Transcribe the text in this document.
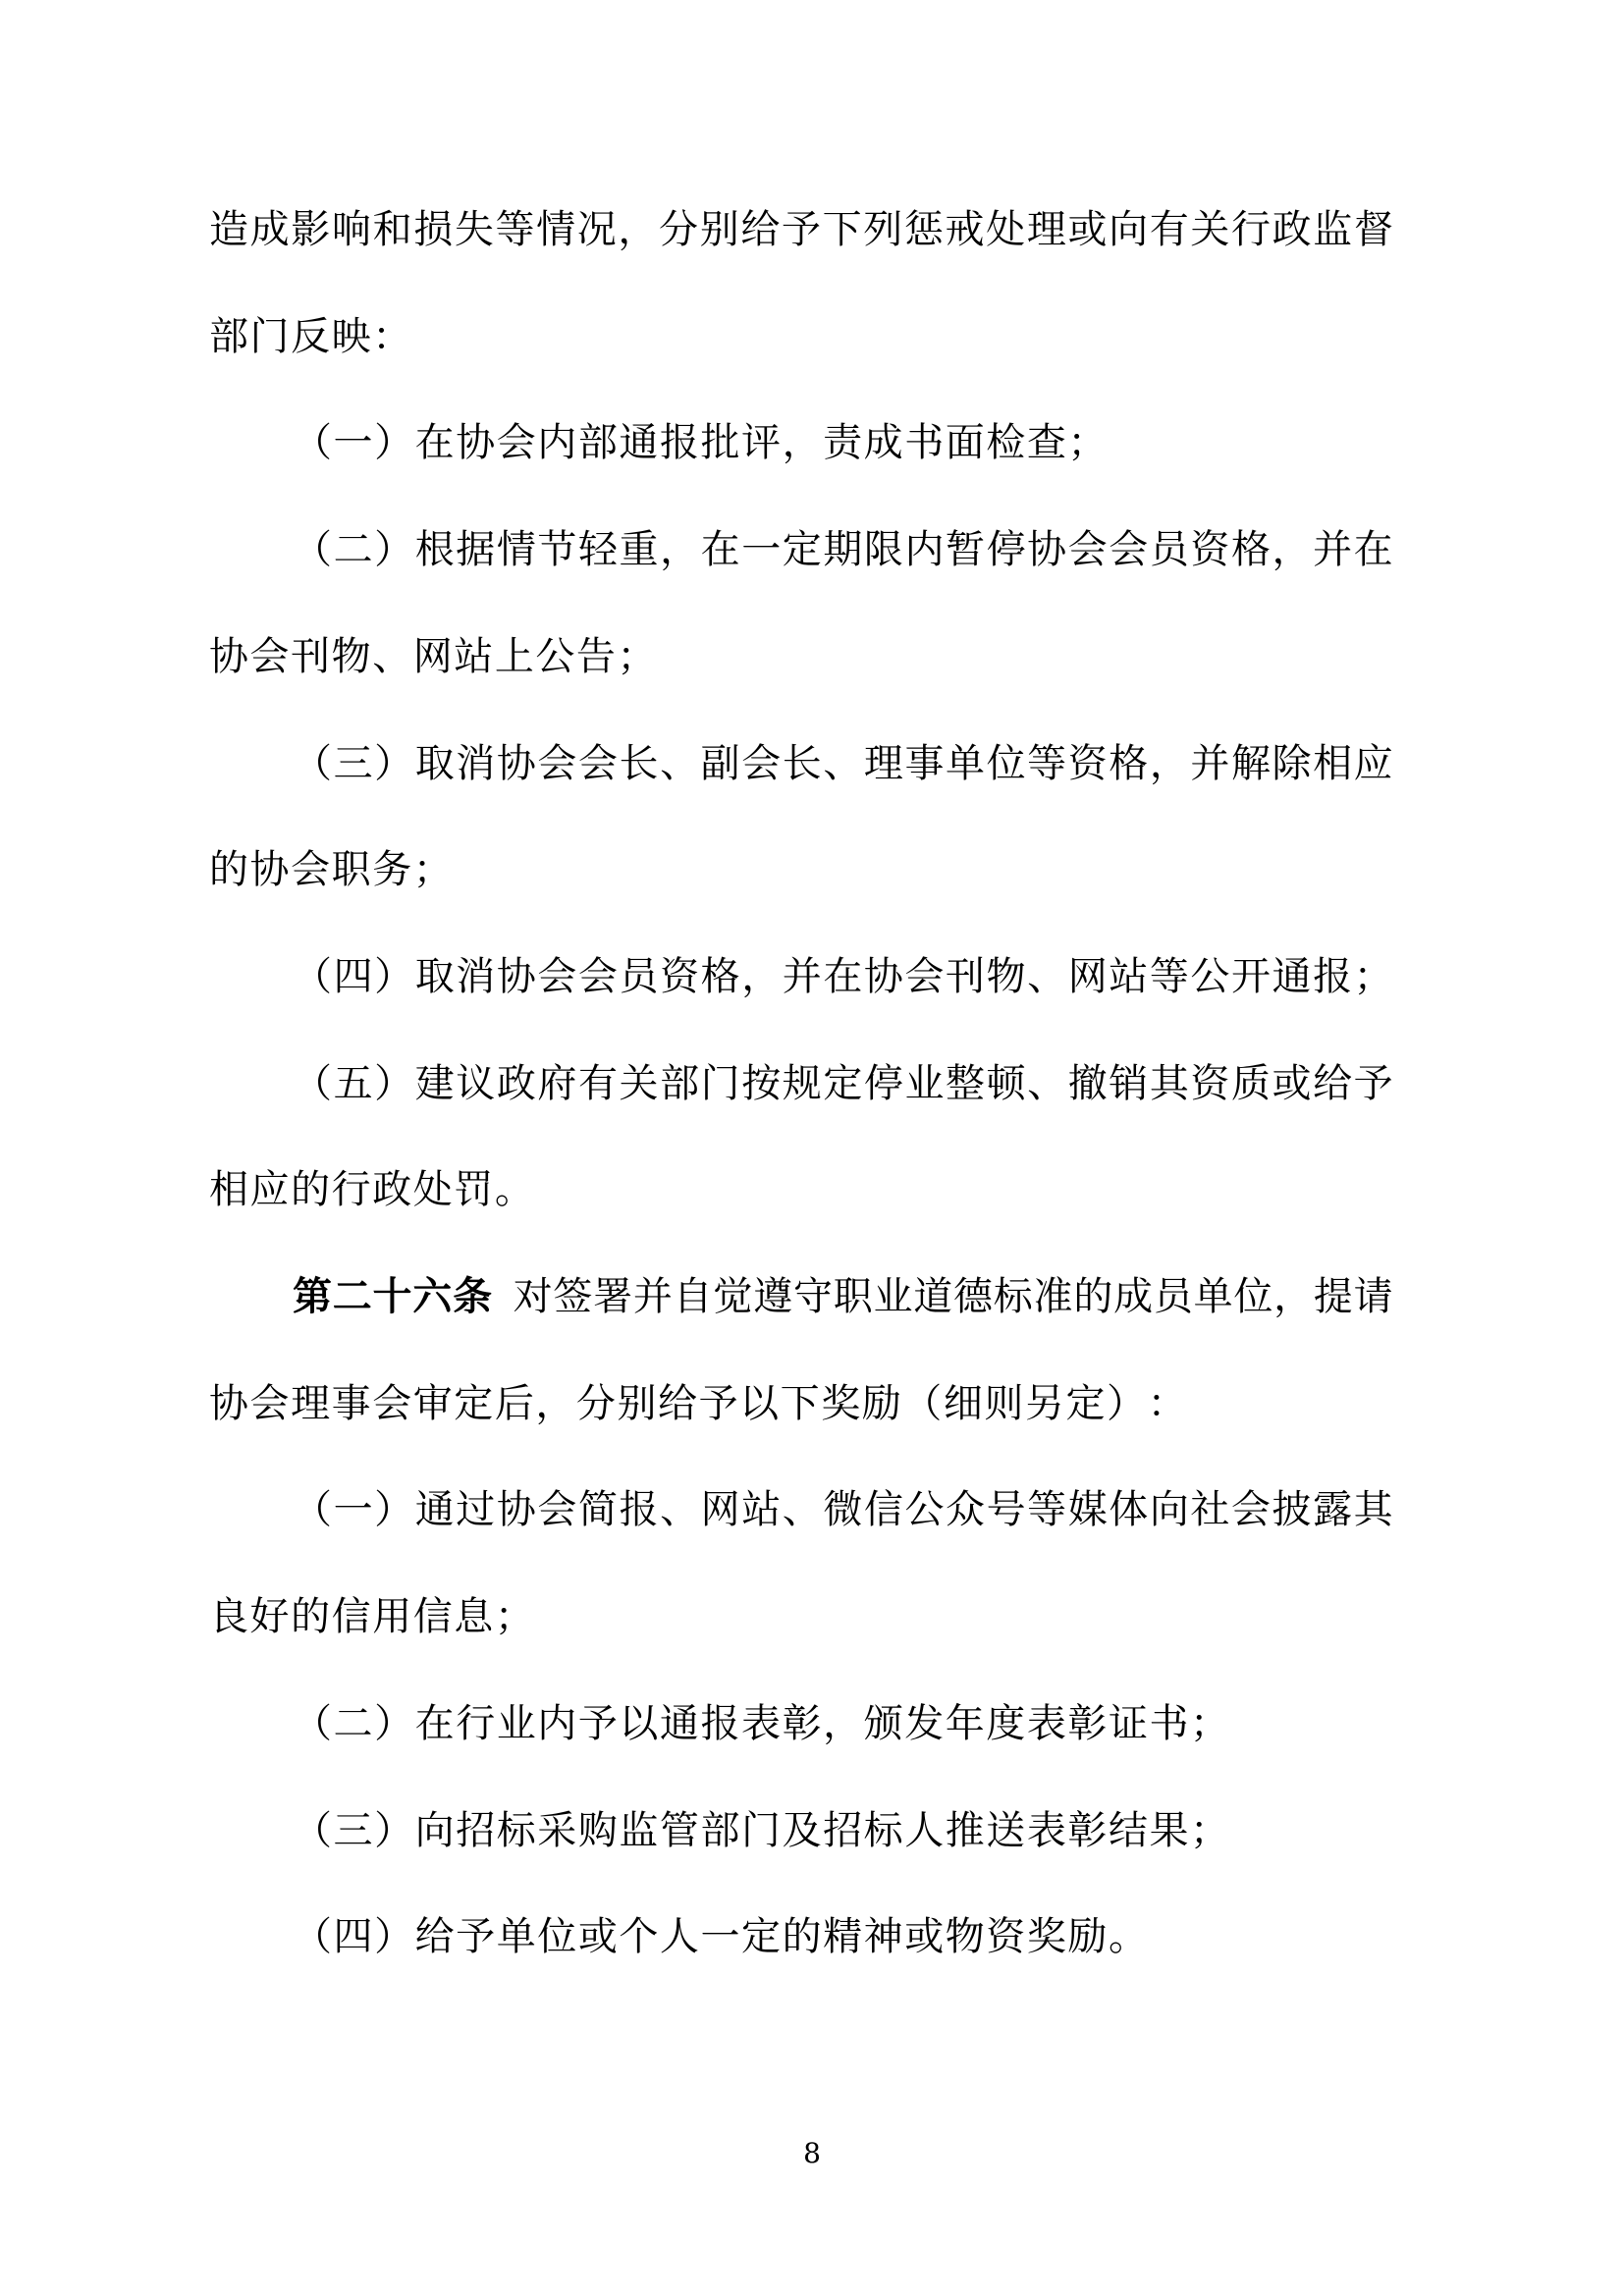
造 成 影 响 和 损 失 等 情 况 ， 分 别 给 予 下 列 惩 戒 处 理 或 向 有 关 行 政 监 督
部 门 反 映 ：
（ 一 ） 在 协 会 内 部 通 报 批 评 ， 责 成 书 面 检 查 ；
（ 二 ） 根 据 情 节 轻 重 ， 在 一 定 期 限 内 暂 停 协 会 会 员 资 格 ， 并 在
协 会 刊 物 、 网 站 上 公 告 ；
（ 三 ） 取 消 协 会 会 长 、 副 会 长 、 理 事 单 位 等 资 格 ， 并 解 除 相 应
的 协 会 职 务 ；
（ 四 ） 取 消 协 会 会 员 资 格 ， 并 在 协 会 刊 物 、 网 站 等 公 开 通 报 ；
（ 五 ） 建 议 政 府 有 关 部 门 按 规 定 停 业 整 顿 、 撤 销 其 资 质 或 给 予
相 应 的 行 政 处 罚 。
第 二 十 六 条
对 签 署 并 自 觉 遵 守 职 业 道 德 标 准 的 成 员 单 位 ， 提 请
协 会 理 事 会 审 定 后 ， 分 别 给 予 以 下 奖 励 （ 细 则 另 定 ） ：
（ 一 ） 通 过 协 会 简 报 、 网 站 、 微 信 公 众 号 等 媒 体 向 社 会 披 露 其
良 好 的 信 用 信 息 ；
（ 二 ） 在 行 业 内 予 以 通 报 表 彰 ， 颁 发 年 度 表 彰 证 书 ；
（ 三 ） 向 招 标 采 购 监 管 部 门 及 招 标 人 推 送 表 彰 结 果 ；
（ 四 ） 给 予 单 位 或 个 人 一 定 的 精 神 或 物 资 奖 励 。
8
